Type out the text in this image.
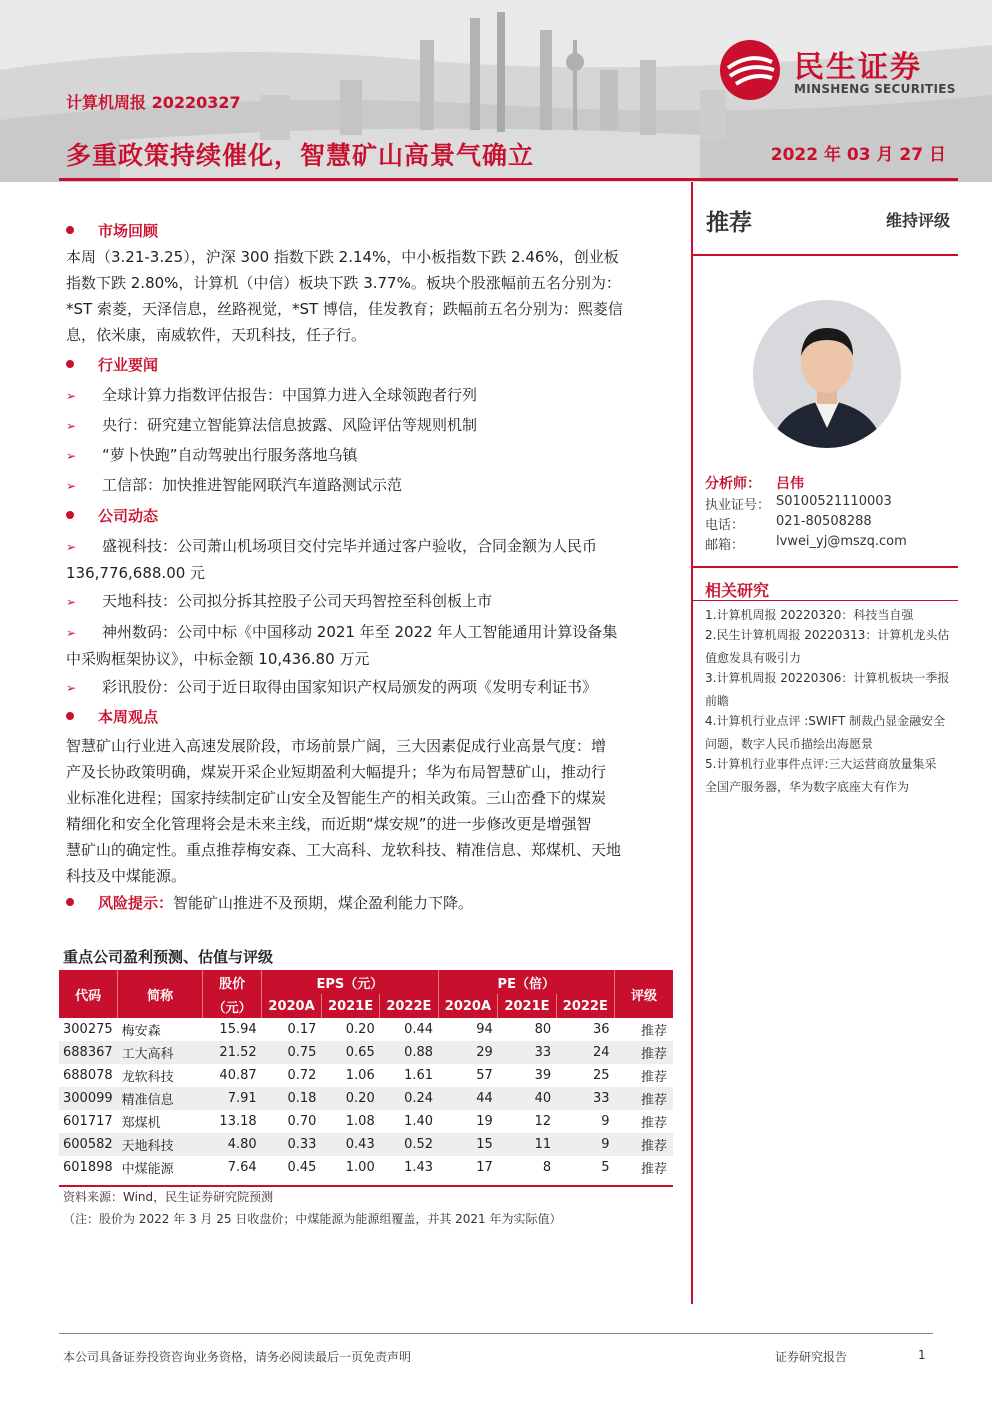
计算机周报 20220327
多重政策持续催化，智慧矿山高景气确立	2022 年 03 月 27 日
民生证券
MINSHENG SECURITIES
市场回顾
本周（3.21-3.25），沪深 300 指数下跌 2.14%，中小板指数下跌 2.46%，创业板
指数下跌 2.80%，计算机（中信）板块下跌 3.77%。板块个股涨幅前五名分别为：
*ST 索菱，天泽信息，丝路视觉，*ST 博信，佳发教育；跌幅前五名分别为：熙菱信
息，依米康，南威软件，天玑科技，任子行。
行业要闻
➢ 全球计算力指数评估报告：中国算力进入全球领跑者行列
➢ 央行：研究建立智能算法信息披露、风险评估等规则机制
➢ “萝卜快跑”自动驾驶出行服务落地乌镇
➢ 工信部：加快推进智能网联汽车道路测试示范
公司动态
➢ 盛视科技：公司萧山机场项目交付完毕并通过客户验收，合同金额为人民币
136,776,688.00 元
➢ 天地科技：公司拟分拆其控股子公司天玛智控至科创板上市
➢ 神州数码：公司中标《中国移动 2021 年至 2022 年人工智能通用计算设备集
中采购框架协议》，中标金额 10,436.80 万元
➢ 彩讯股份：公司于近日取得由国家知识产权局颁发的两项《发明专利证书》
本周观点
智慧矿山行业进入高速发展阶段，市场前景广阔，三大因素促成行业高景气度：增
产及长协政策明确，煤炭开采企业短期盈利大幅提升；华为布局智慧矿山，推动行
业标准化进程；国家持续制定矿山安全及智能生产的相关政策。三山峦叠下的煤炭
精细化和安全化管理将会是未来主线，而近期“煤安规”的进一步修改更是增强智
慧矿山的确定性。重点推荐梅安森、工大高科、龙软科技、精准信息、郑煤机、天地
科技及中煤能源。
风险提示：智能矿山推进不及预期，煤企盈利能力下降。
重点公司盈利预测、估值与评级
代码	简称	股价	EPS（元）			PE（倍）			评级
		（元）	2020A	2021E	2022E	2020A	2021E	2022E	
300275	梅安森	15.94	0.17	0.20	0.44	94	80	36	推荐
688367	工大高科	21.52	0.75	0.65	0.88	29	33	24	推荐
688078	龙软科技	40.87	0.72	1.06	1.61	57	39	25	推荐
300099	精准信息	7.91	0.18	0.20	0.24	44	40	33	推荐
601717	郑煤机	13.18	0.70	1.08	1.40	19	12	9	推荐
600582	天地科技	4.80	0.33	0.43	0.52	15	11	9	推荐
601898	中煤能源	7.64	0.45	1.00	1.43	17	8	5	推荐
资料来源：Wind，民生证券研究院预测
（注：股价为 2022 年 3 月 25 日收盘价；中煤能源为能源组覆盖，并其 2021 年为实际值）
推荐	维持评级
分析师： 吕伟
执业证号： S0100521110003
电话： 021-80508288
邮箱： lvwei_yj@mszq.com
相关研究
1.计算机周报 20220320：科技当自强
2.民生计算机周报 20220313：计算机龙头估
值愈发具有吸引力
3.计算机周报 20220306：计算机板块一季报
前瞻
4.计算机行业点评 :SWIFT 制裁凸显金融安全
问题，数字人民币描绘出海愿景
5.计算机行业事件点评:三大运营商放量集采
全国产服务器，华为数字底座大有作为
本公司具备证券投资咨询业务资格，请务必阅读最后一页免责声明	证券研究报告	1
